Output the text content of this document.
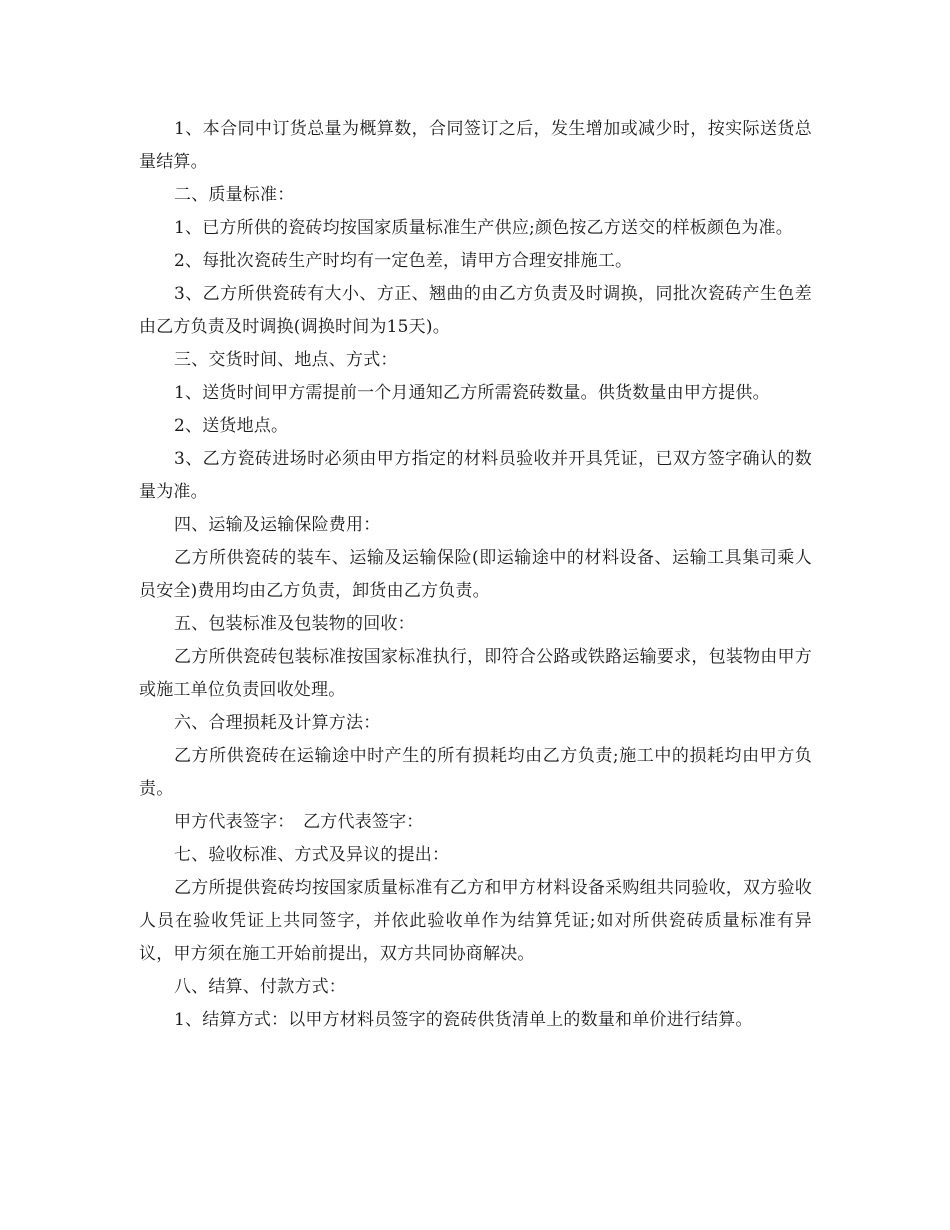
1、本合同中订货总量为概算数，合同签订之后，发生增加或减少时，按实际送货总量结算。

二、质量标准：

1、已方所供的瓷砖均按国家质量标准生产供应;颜色按乙方送交的样板颜色为准。

2、每批次瓷砖生产时均有一定色差，请甲方合理安排施工。

3、乙方所供瓷砖有大小、方正、翘曲的由乙方负责及时调换，同批次瓷砖产生色差由乙方负责及时调换(调换时间为15天)。

三、交货时间、地点、方式：

1、送货时间甲方需提前一个月通知乙方所需瓷砖数量。供货数量由甲方提供。

2、送货地点。

3、乙方瓷砖进场时必须由甲方指定的材料员验收并开具凭证，已双方签字确认的数量为准。

四、运输及运输保险费用：

乙方所供瓷砖的装车、运输及运输保险(即运输途中的材料设备、运输工具集司乘人员安全)费用均由乙方负责，卸货由乙方负责。

五、包装标准及包装物的回收：

乙方所供瓷砖包装标准按国家标准执行，即符合公路或铁路运输要求，包装物由甲方或施工单位负责回收处理。

六、合理损耗及计算方法：

乙方所供瓷砖在运输途中时产生的所有损耗均由乙方负责;施工中的损耗均由甲方负责。

甲方代表签字：　乙方代表签字：

七、验收标准、方式及异议的提出：

乙方所提供瓷砖均按国家质量标准有乙方和甲方材料设备采购组共同验收，双方验收人员在验收凭证上共同签字，并依此验收单作为结算凭证;如对所供瓷砖质量标准有异议，甲方须在施工开始前提出，双方共同协商解决。

八、结算、付款方式：

1、结算方式：以甲方材料员签字的瓷砖供货清单上的数量和单价进行结算。
